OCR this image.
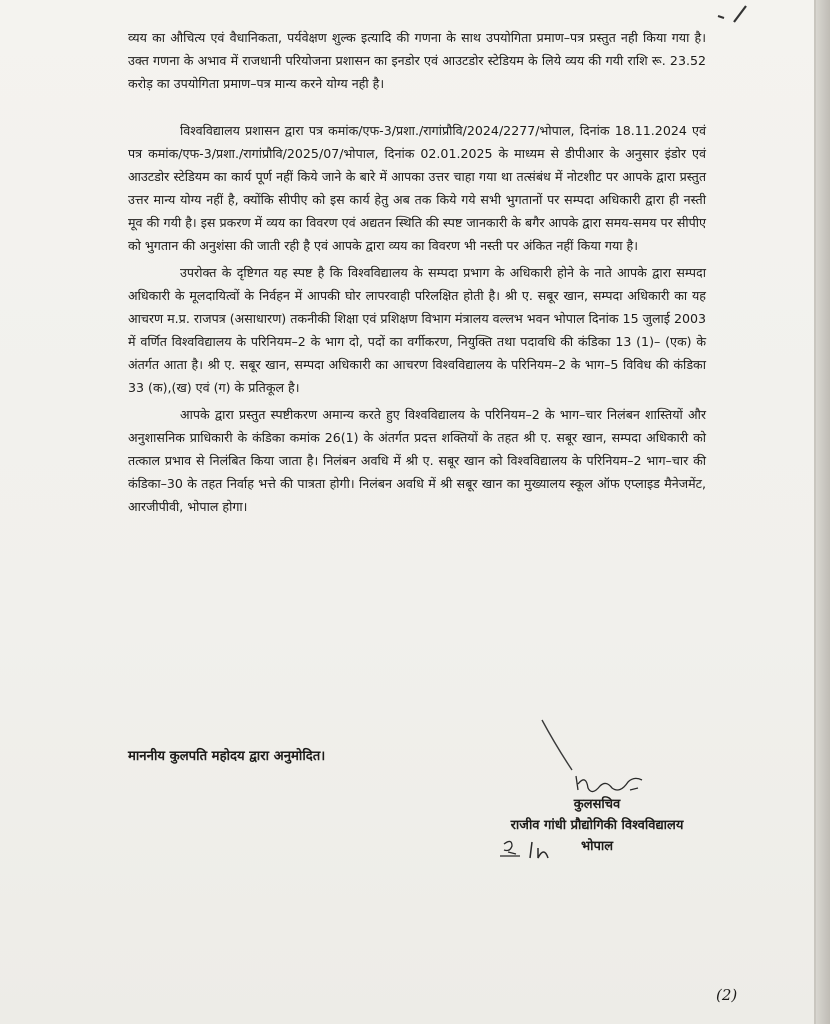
व्यय का औचित्य एवं वैधानिकता, पर्यवेक्षण शुल्क इत्यादि की गणना के साथ उपयोगिता प्रमाण–पत्र प्रस्तुत नही किया गया है। उक्त गणना के अभाव में राजधानी परियोजना प्रशासन का इनडोर एवं आउटडोर स्टेडियम के लिये व्यय की गयी राशि रू. 23.52 करोड़ का उपयोगिता प्रमाण–पत्र मान्य करने योग्य नही है।

विश्वविद्यालय प्रशासन द्वारा पत्र कमांक/एफ-3/प्रशा./रागांप्रौवि/2024/2277/भोपाल, दिनांक 18.11.2024 एवं पत्र कमांक/एफ-3/प्रशा./रागांप्रौवि/2025/07/भोपाल, दिनांक 02.01.2025 के माध्यम से डीपीआर के अनुसार इंडोर एवं आउटडोर स्टेडियम का कार्य पूर्ण नहीं किये जाने के बारे में आपका उत्तर चाहा गया था तत्संबंध में नोटशीट पर आपके द्वारा प्रस्तुत उत्तर मान्य योग्य नहीं है, क्योंकि सीपीए को इस कार्य हेतु अब तक किये गये सभी भुगतानों पर सम्पदा अधिकारी द्वारा ही नस्ती मूव की गयी है। इस प्रकरण में व्यय का विवरण एवं अद्यतन स्थिति की स्पष्ट जानकारी के बगैर आपके द्वारा समय-समय पर सीपीए को भुगतान की अनुशंसा की जाती रही है एवं आपके द्वारा व्यय का विवरण भी नस्ती पर अंकित नहीं किया गया है।

उपरोक्त के दृष्टिगत यह स्पष्ट है कि विश्वविद्यालय के सम्पदा प्रभाग के अधिकारी होने के नाते आपके द्वारा सम्पदा अधिकारी के मूलदायित्वों के निर्वहन में आपकी घोर लापरवाही परिलक्षित होती है। श्री ए. सबूर खान, सम्पदा अधिकारी का यह आचरण म.प्र. राजपत्र (असाधारण) तकनीकी शिक्षा एवं प्रशिक्षण विभाग मंत्रालय वल्लभ भवन भोपाल दिनांक 15 जुलाई 2003 में वर्णित विश्वविद्यालय के परिनियम–2 के भाग दो, पदों का वर्गीकरण, नियुक्ति तथा पदावधि की कंडिका 13 (1)– (एक) के अंतर्गत आता है। श्री ए. सबूर खान, सम्पदा अधिकारी का आचरण विश्वविद्यालय के परिनियम–2 के भाग–5 विविध की कंडिका 33 (क),(ख) एवं (ग) के प्रतिकूल है।

आपके द्वारा प्रस्तुत स्पष्टीकरण अमान्य करते हुए विश्वविद्यालय के परिनियम–2 के भाग–चार निलंबन शास्तियों और अनुशासनिक प्राधिकारी के कंडिका कमांक 26(1) के अंतर्गत प्रदत्त शक्तियों के तहत श्री ए. सबूर खान, सम्पदा अधिकारी को तत्काल प्रभाव से निलंबित किया जाता है। निलंबन अवधि में श्री ए. सबूर खान को विश्वविद्यालय के परिनियम–2 भाग–चार की कंडिका–30 के तहत निर्वाह भत्ते की पात्रता होगी। निलंबन अवधि में श्री सबूर खान का मुख्यालय स्कूल ऑफ एप्लाइड मैनेजमेंट, आरजीपीवी, भोपाल होगा।

माननीय कुलपति महोदय द्वारा अनुमोदित।
कुलसचिव
राजीव गांधी प्रौद्योगिकी विश्वविद्यालय
भोपाल
(2)
